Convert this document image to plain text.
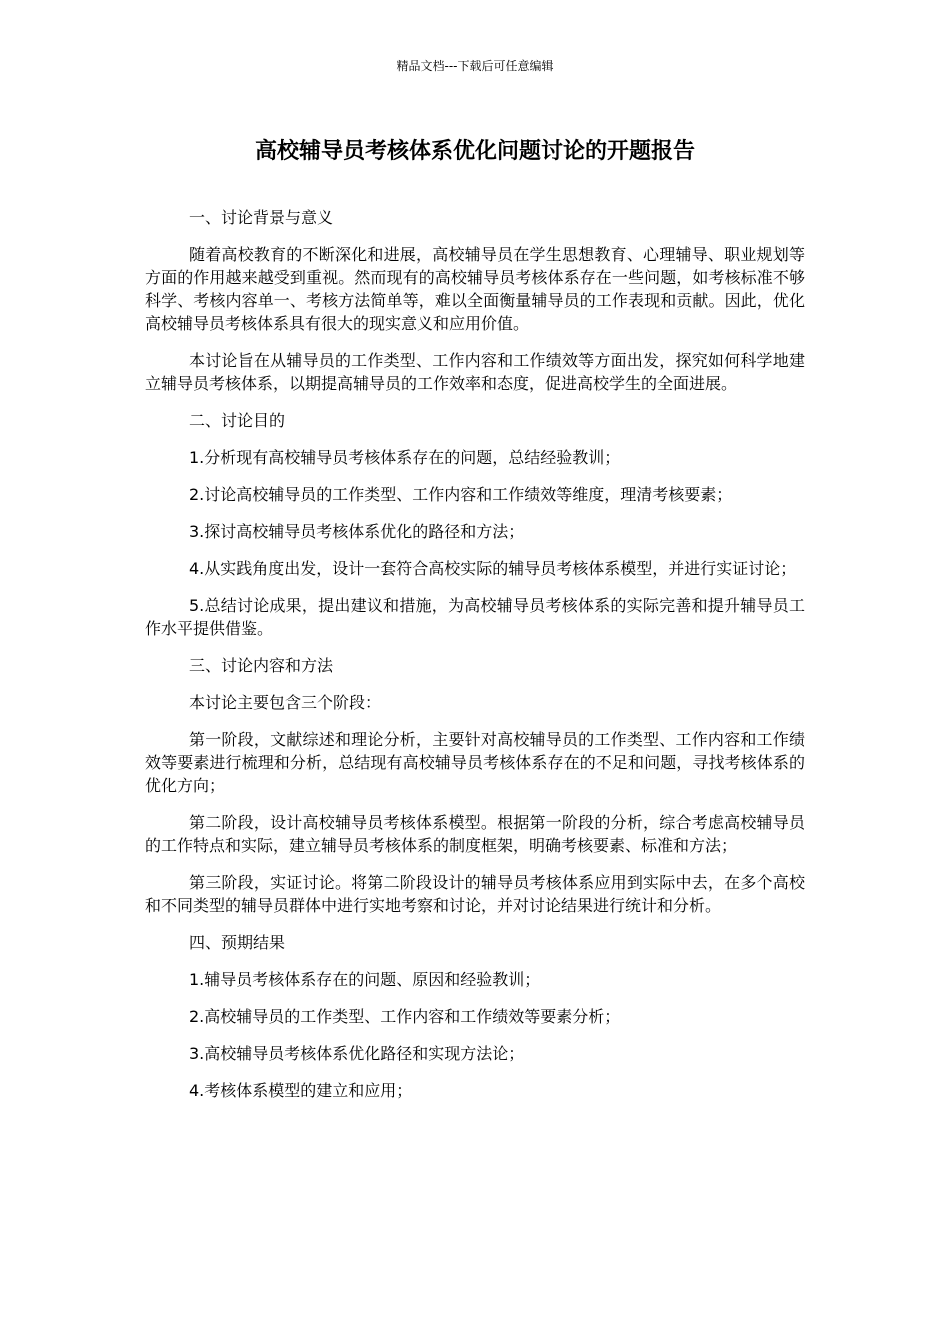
精品文档---下载后可任意编辑
高校辅导员考核体系优化问题讨论的开题报告

一、讨论背景与意义

随着高校教育的不断深化和进展，高校辅导员在学生思想教育、心理辅导、职业规划等方面的作用越来越受到重视。然而现有的高校辅导员考核体系存在一些问题，如考核标准不够科学、考核内容单一、考核方法简单等，难以全面衡量辅导员的工作表现和贡献。因此，优化高校辅导员考核体系具有很大的现实意义和应用价值。

本讨论旨在从辅导员的工作类型、工作内容和工作绩效等方面出发，探究如何科学地建立辅导员考核体系，以期提高辅导员的工作效率和态度，促进高校学生的全面进展。

二、讨论目的

1.分析现有高校辅导员考核体系存在的问题，总结经验教训；

2.讨论高校辅导员的工作类型、工作内容和工作绩效等维度，理清考核要素；

3.探讨高校辅导员考核体系优化的路径和方法；

4.从实践角度出发，设计一套符合高校实际的辅导员考核体系模型，并进行实证讨论；

5.总结讨论成果，提出建议和措施，为高校辅导员考核体系的实际完善和提升辅导员工作水平提供借鉴。

三、讨论内容和方法

本讨论主要包含三个阶段：

第一阶段，文献综述和理论分析，主要针对高校辅导员的工作类型、工作内容和工作绩效等要素进行梳理和分析，总结现有高校辅导员考核体系存在的不足和问题，寻找考核体系的优化方向；

第二阶段，设计高校辅导员考核体系模型。根据第一阶段的分析，综合考虑高校辅导员的工作特点和实际，建立辅导员考核体系的制度框架，明确考核要素、标准和方法；

第三阶段，实证讨论。将第二阶段设计的辅导员考核体系应用到实际中去，在多个高校和不同类型的辅导员群体中进行实地考察和讨论，并对讨论结果进行统计和分析。

四、预期结果

1.辅导员考核体系存在的问题、原因和经验教训；

2.高校辅导员的工作类型、工作内容和工作绩效等要素分析；

3.高校辅导员考核体系优化路径和实现方法论；

4.考核体系模型的建立和应用；
